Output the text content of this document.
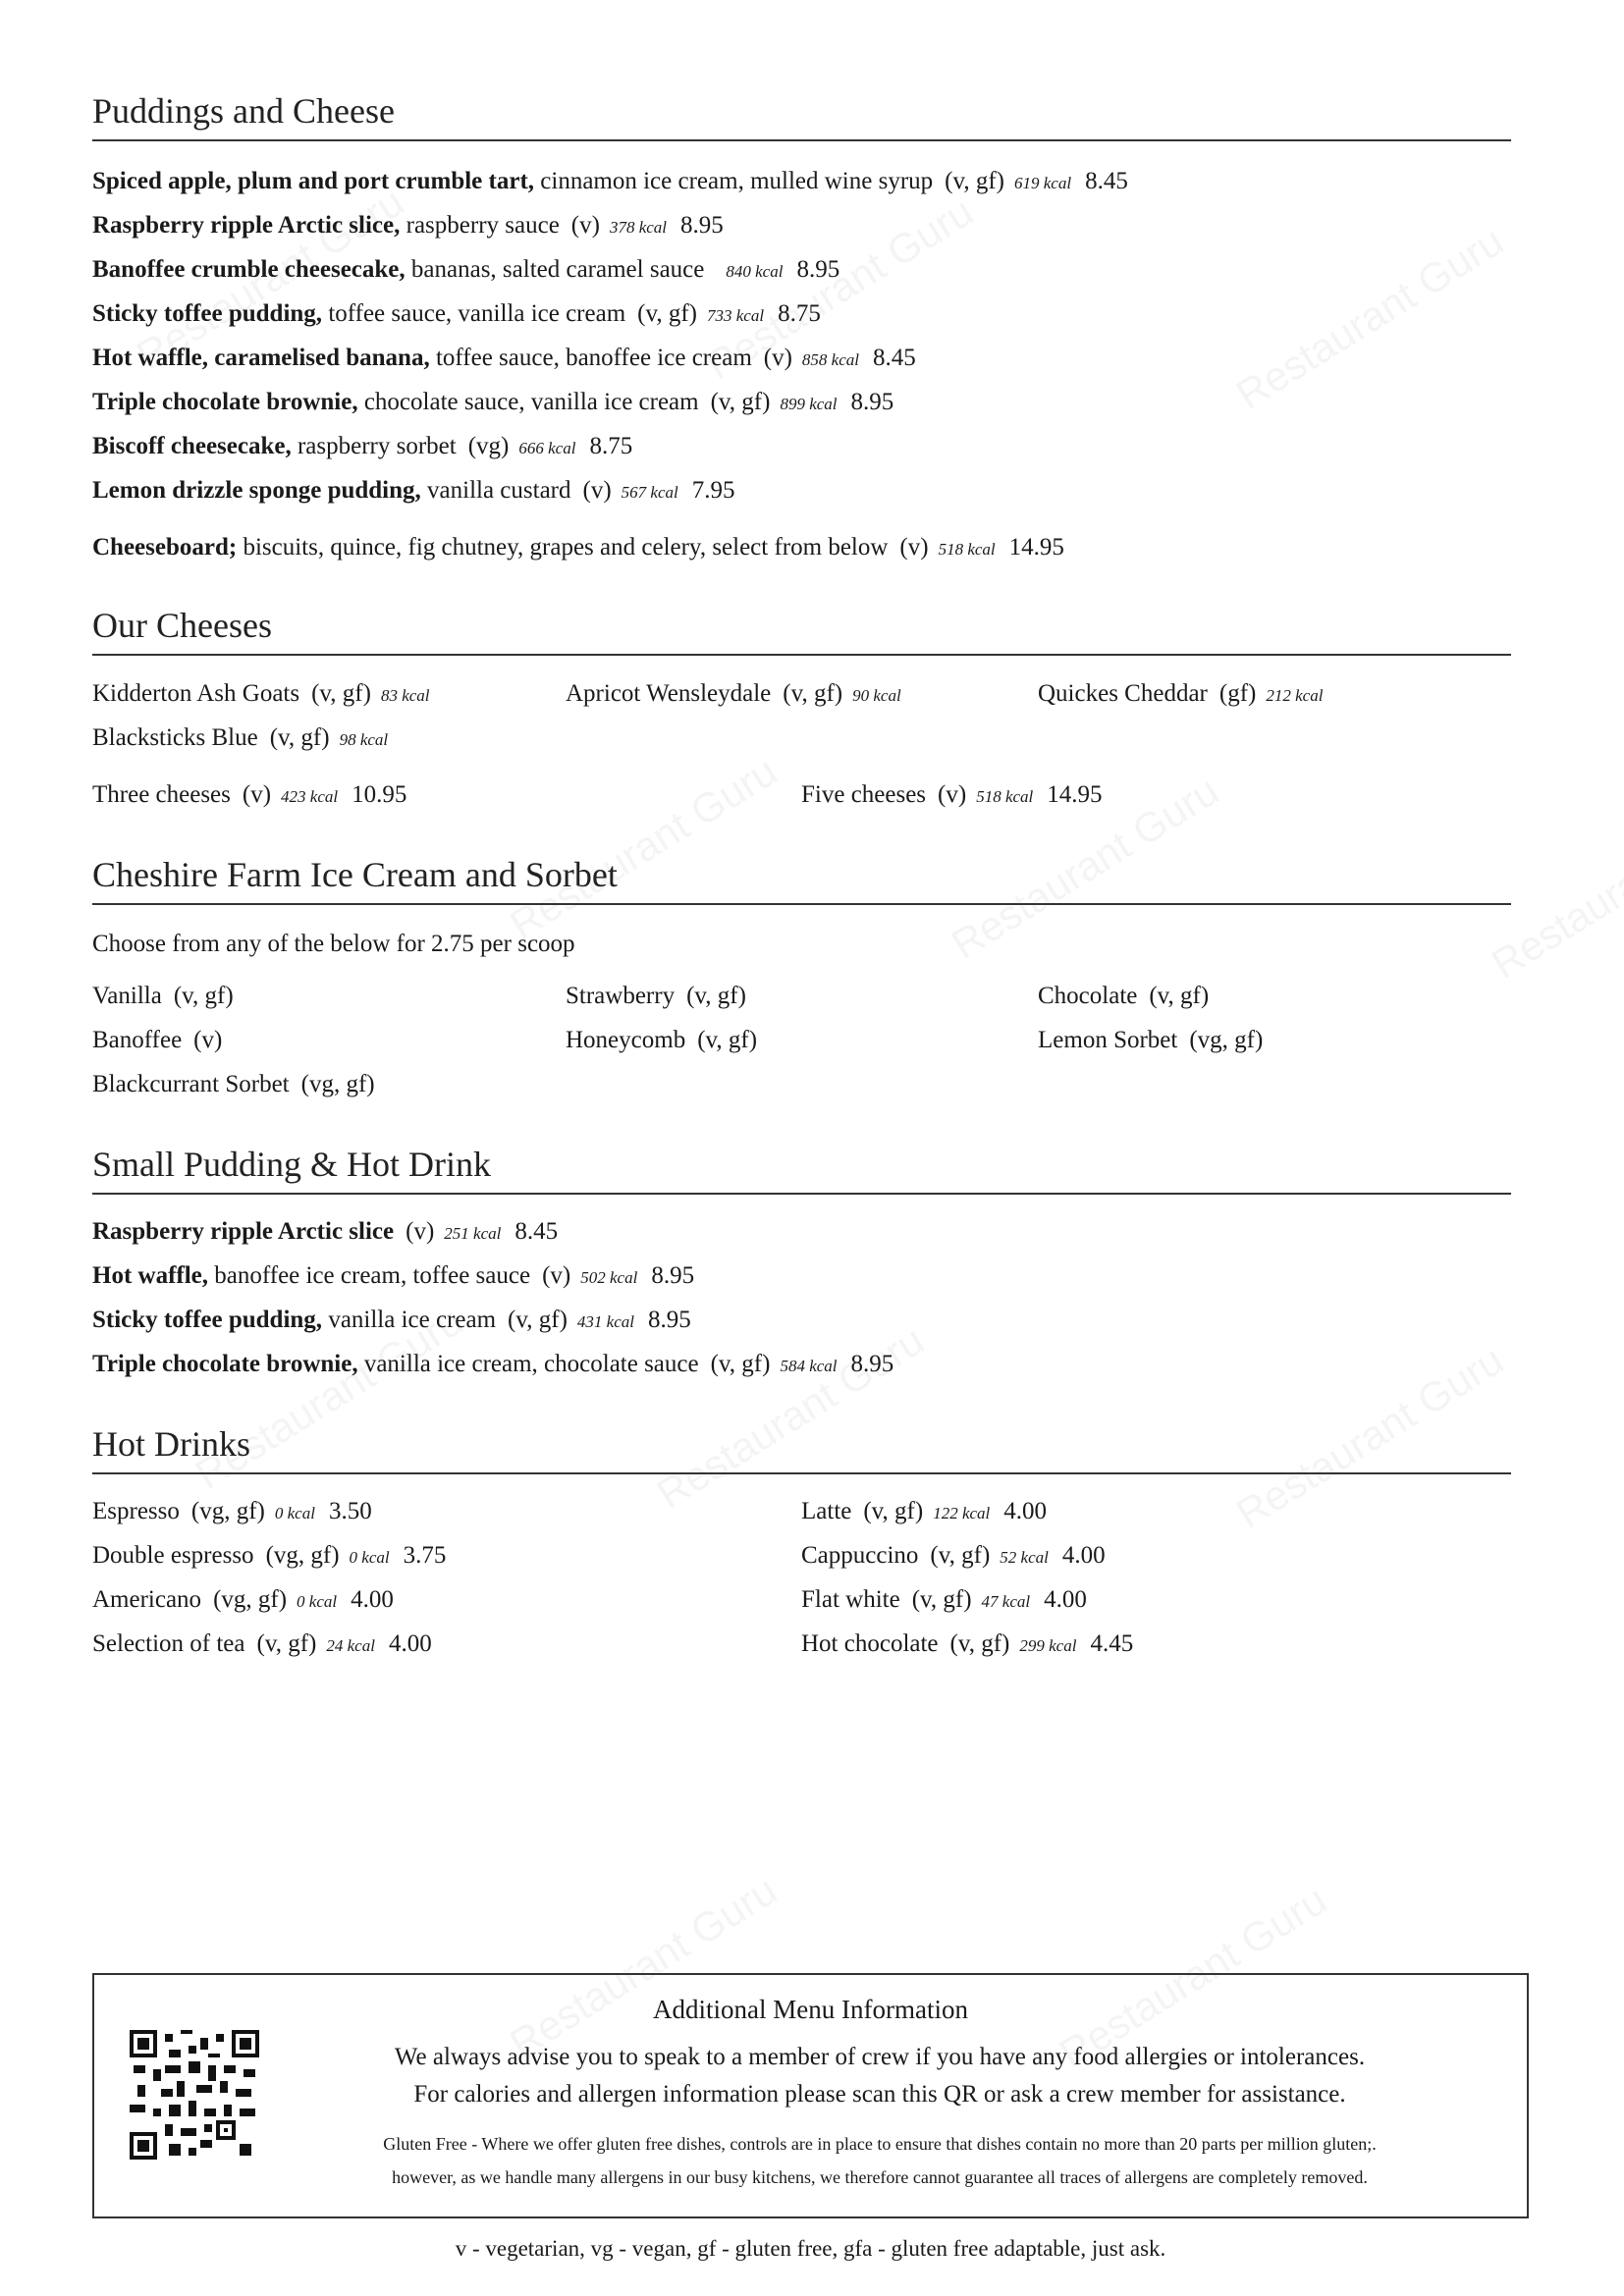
Puddings and Cheese
Spiced apple, plum and port crumble tart, cinnamon ice cream, mulled wine syrup (v, gf) 619 kcal 8.45
Raspberry ripple Arctic slice, raspberry sauce (v) 378 kcal 8.95
Banoffee crumble cheesecake, bananas, salted caramel sauce 840 kcal 8.95
Sticky toffee pudding, toffee sauce, vanilla ice cream (v, gf) 733 kcal 8.75
Hot waffle, caramelised banana, toffee sauce, banoffee ice cream (v) 858 kcal 8.45
Triple chocolate brownie, chocolate sauce, vanilla ice cream (v, gf) 899 kcal 8.95
Biscoff cheesecake, raspberry sorbet (vg) 666 kcal 8.75
Lemon drizzle sponge pudding, vanilla custard (v) 567 kcal 7.95
Cheeseboard; biscuits, quince, fig chutney, grapes and celery, select from below (v) 518 kcal 14.95
Our Cheeses
Kidderton Ash Goats (v, gf) 83 kcal	Apricot Wensleydale (v, gf) 90 kcal	Quickes Cheddar (gf) 212 kcal
Blacksticks Blue (v, gf) 98 kcal
Three cheeses (v) 423 kcal 10.95	Five cheeses (v) 518 kcal 14.95
Cheshire Farm Ice Cream and Sorbet
Choose from any of the below for 2.75 per scoop
Vanilla (v, gf)	Strawberry (v, gf)	Chocolate (v, gf)
Banoffee (v)	Honeycomb (v, gf)	Lemon Sorbet (vg, gf)
Blackcurrant Sorbet (vg, gf)
Small Pudding & Hot Drink
Raspberry ripple Arctic slice (v) 251 kcal 8.45
Hot waffle, banoffee ice cream, toffee sauce (v) 502 kcal 8.95
Sticky toffee pudding, vanilla ice cream (v, gf) 431 kcal 8.95
Triple chocolate brownie, vanilla ice cream, chocolate sauce (v, gf) 584 kcal 8.95
Hot Drinks
Espresso (vg, gf) 0 kcal 3.50
Double espresso (vg, gf) 0 kcal 3.75
Americano (vg, gf) 0 kcal 4.00
Selection of tea (v, gf) 24 kcal 4.00
Latte (v, gf) 122 kcal 4.00
Cappuccino (v, gf) 52 kcal 4.00
Flat white (v, gf) 47 kcal 4.00
Hot chocolate (v, gf) 299 kcal 4.45
Additional Menu Information
We always advise you to speak to a member of crew if you have any food allergies or intolerances.
For calories and allergen information please scan this QR or ask a crew member for assistance.
Gluten Free - Where we offer gluten free dishes, controls are in place to ensure that dishes contain no more than 20 parts per million gluten;.
however, as we handle many allergens in our busy kitchens, we therefore cannot guarantee all traces of allergens are completely removed.
v - vegetarian, vg - vegan, gf - gluten free, gfa - gluten free adaptable, just ask.
